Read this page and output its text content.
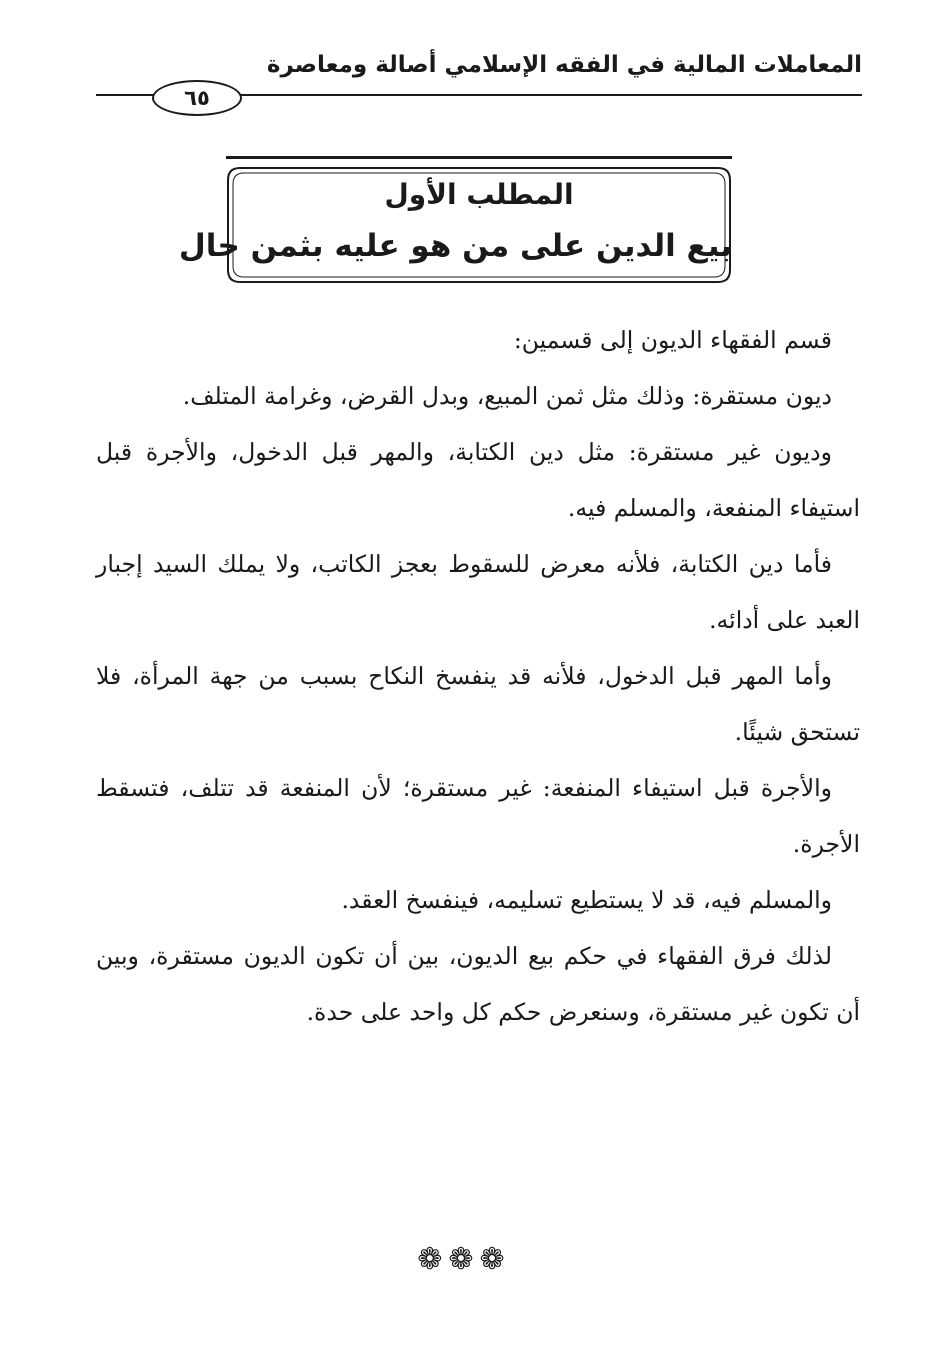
المعاملات المالية في الفقه الإسلامي أصالة ومعاصرة
٦٥
المطلب الأول
بيع الدين على من هو عليه بثمن حال

قسم الفقهاء الديون إلى قسمين:

ديون مستقرة: وذلك مثل ثمن المبيع، وبدل القرض، وغرامة المتلف.

وديون غير مستقرة: مثل دين الكتابة، والمهر قبل الدخول، والأجرة قبل استيفاء المنفعة، والمسلم فيه.

فأما دين الكتابة، فلأنه معرض للسقوط بعجز الكاتب، ولا يملك السيد إجبار العبد على أدائه.

وأما المهر قبل الدخول، فلأنه قد ينفسخ النكاح بسبب من جهة المرأة، فلا تستحق شيئًا.

والأجرة قبل استيفاء المنفعة: غير مستقرة؛ لأن المنفعة قد تتلف، فتسقط الأجرة.

والمسلم فيه، قد لا يستطيع تسليمه، فينفسخ العقد.

لذلك فرق الفقهاء في حكم بيع الديون، بين أن تكون الديون مستقرة، وبين أن تكون غير مستقرة، وسنعرض حكم كل واحد على حدة.

❁❁❁
